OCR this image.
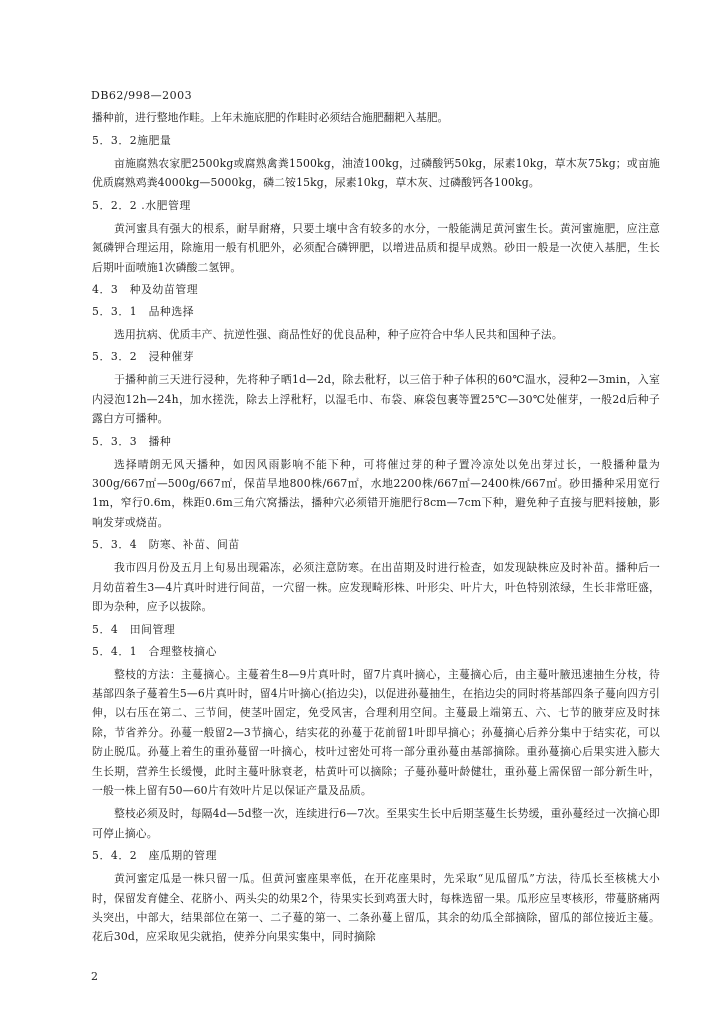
DB62/998—2003

播种前，进行整地作畦。上年未施底肥的作畦时必须结合施肥翻耙入基肥。

5．3．2施肥量

亩施腐熟农家肥2500kg或腐熟禽粪1500kg，油渣100kg，过磷酸钙50kg，尿素10kg，草木灰75kg；或亩施优质腐熟鸡粪4000kg—5000kg，磷二铵15kg，尿素10kg，草木灰、过磷酸钙各100kg。

5．2．2 .水肥管理

黄河蜜具有强大的根系，耐旱耐瘠，只要土壤中含有较多的水分，一般能满足黄河蜜生长。黄河蜜施肥，应注意氮磷钾合理运用，除施用一般有机肥外，必须配合磷钾肥，以增进品质和提早成熟。砂田一般是一次使入基肥，生长后期叶面喷施1次磷酸二氢钾。

4．3　种及幼苗管理

5．3．1　品种选择

选用抗病、优质丰产、抗逆性强、商品性好的优良品种，种子应符合中华人民共和国种子法。

5．3．2　浸种催芽

于播种前三天进行浸种，先将种子晒1d—2d，除去秕籽，以三倍于种子体积的60℃温水，浸种2—3min，入室内浸泡12h—24h，加水搓洗，除去上浮秕籽，以湿毛巾、布袋、麻袋包裹等置25℃—30℃处催芽，一般2d后种子露白方可播种。

5．3．3　播种

选择晴朗无风天播种，如因风雨影响不能下种，可将催过芽的种子置冷凉处以免出芽过长，一般播种量为300g/667㎡—500g/667㎡，保苗旱地800株/667㎡，水地2200株/667㎡—2400株/667㎡。砂田播种采用宽行1m，窄行0.6m，株距0.6m三角穴窝播法，播种穴必须错开施肥行8cm—7cm下种，避免种子直接与肥料接触，影响发芽或烧苗。

5．3．4　防寒、补苗、间苗

我市四月份及五月上旬易出现霜冻，必须注意防寒。在出苗期及时进行检查，如发现缺株应及时补苗。播种后一月幼苗着生3—4片真叶时进行间苗，一穴留一株。应发现畸形株、叶形尖、叶片大，叶色特别浓绿，生长非常旺盛，即为杂种，应予以拔除。

5．4　田间管理

5．4．1　合理整枝摘心

整枝的方法：主蔓摘心。主蔓着生8—9片真叶时，留7片真叶摘心，主蔓摘心后，由主蔓叶腋迅速抽生分枝，待基部四条子蔓着生5—6片真叶时，留4片叶摘心(掐边尖)，以促进孙蔓抽生，在掐边尖的同时将基部四条子蔓向四方引伸，以右压在第二、三节间，使茎叶固定，免受风害，合理利用空间。主蔓最上端第五、六、七节的腋芽应及时抹除，节省养分。孙蔓一般留2—3节摘心，结实花的孙蔓于花前留1叶即早摘心；孙蔓摘心后养分集中于结实花，可以防止脱瓜。孙蔓上着生的重孙蔓留一叶摘心，枝叶过密处可将一部分重孙蔓由基部摘除。重孙蔓摘心后果实进入膨大生长期，营养生长缓慢，此时主蔓叶脉衰老，枯黄叶可以摘除；子蔓孙蔓叶龄健壮，重孙蔓上需保留一部分新生叶，一般一株上留有50—60片有效叶片足以保证产量及品质。

整枝必须及时，每隔4d—5d整一次，连续进行6—7次。至果实生长中后期茎蔓生长势缓，重孙蔓经过一次摘心即可停止摘心。

5．4．2　座瓜期的管理

黄河蜜定瓜是一株只留一瓜。但黄河蜜座果率低，在开花座果时，先采取“见瓜留瓜”方法，待瓜长至核桃大小时，保留发育健全、花脐小、两头尖的幼果2个，待果实长到鸡蛋大时，每株选留一果。瓜形应呈枣核形，带蔓脐痛两头突出，中部大，结果部位在第一、二子蔓的第一、二条孙蔓上留瓜，其余的幼瓜全部摘除，留瓜的部位接近主蔓。花后30d，应采取见尖就掐，使养分向果实集中，同时摘除

2
